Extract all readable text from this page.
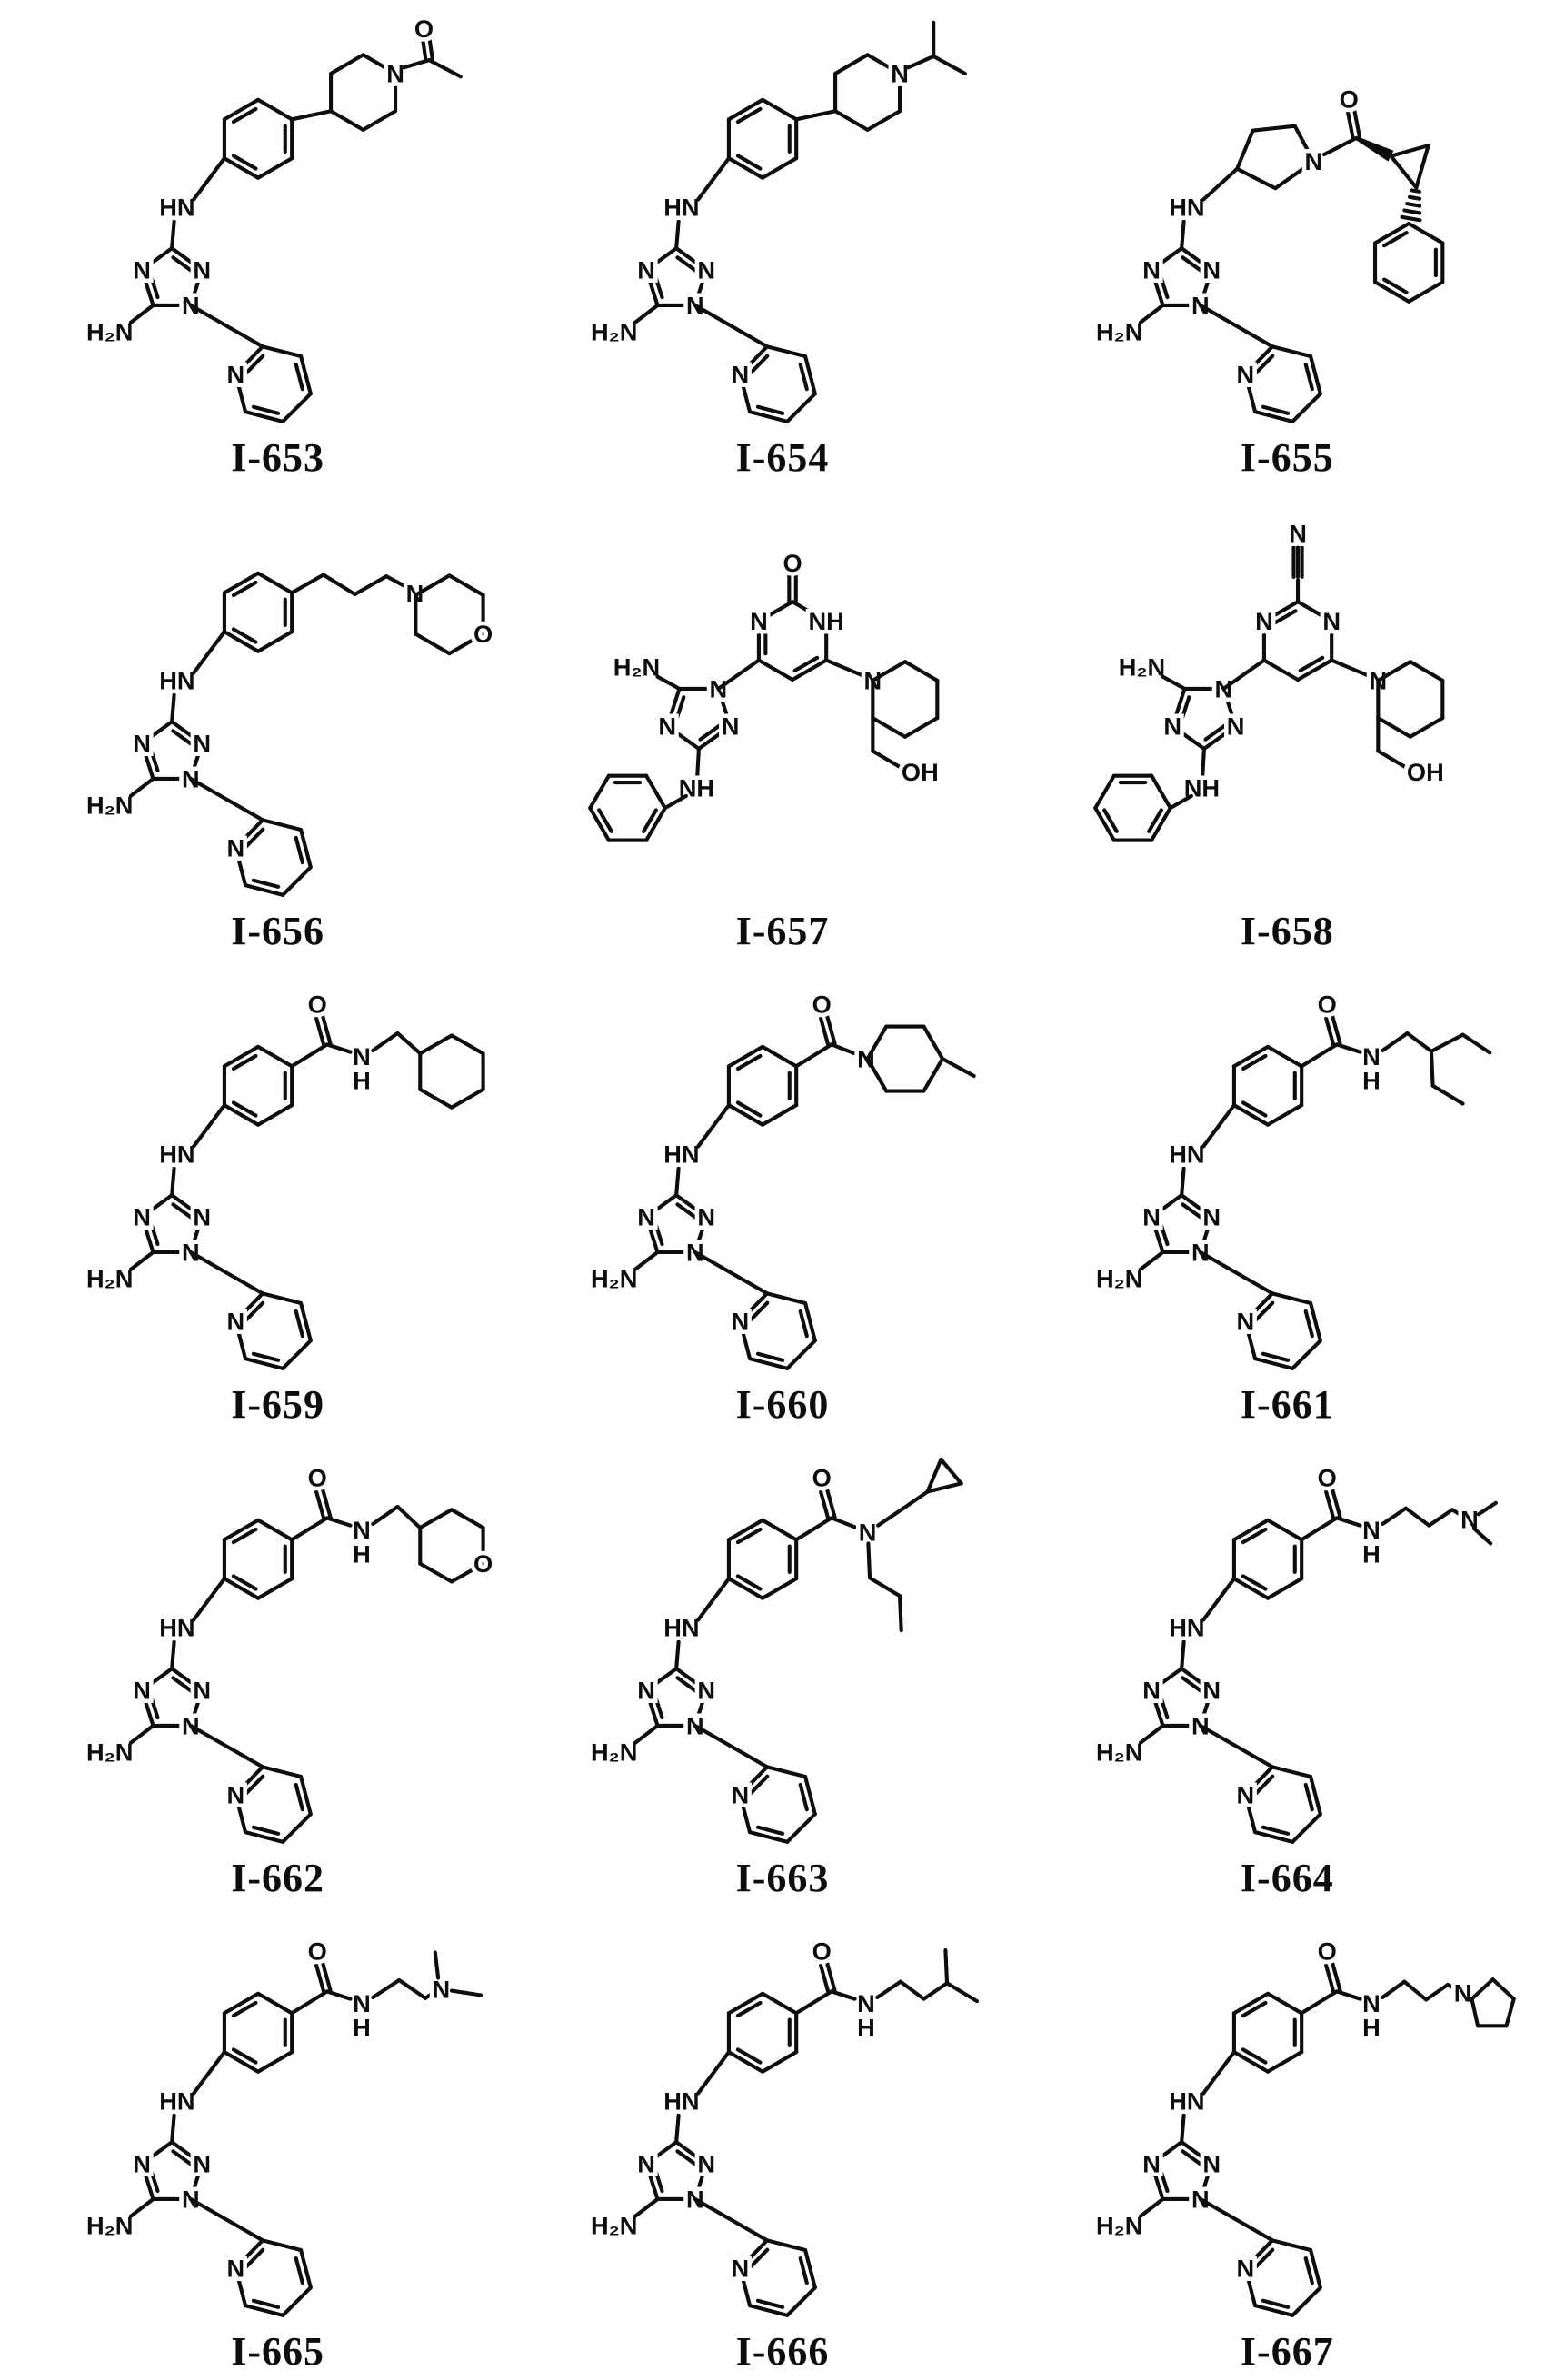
N
N
N
H₂N
N
HN
N
O
I-653
N
N
N
H₂N
N
HN
N
I-654
N
N
N
H₂N
N
HN
N
O
I-655
N
N
N
H₂N
N
HN
N
O
I-656
N
N
N
H₂N
NH
N NH
O
N
OH
I-657
N
N
N
H₂N
NH
N N
N
N
OH
I-658
N
N
N
H₂N
N
HN
O
N
H
I-659
N
N
N
H₂N
N
HN
O
N
I-660
N
N
N
H₂N
N
HN
O
N
H
I-661
N
N
N
H₂N
N
HN
O
N
H	O
I-662
N
N
N
H₂N
N
HN
O
N
I-663
N
N
N
H₂N
N
HN
O
N
H
N
I-664
N
N
N
H₂N
N
HN
O
N
H
N
I-665
N
N
N
H₂N
N
HN
O
N
H
I-666
N
N
N
H₂N
N
HN
O
N
H
N
I-667
